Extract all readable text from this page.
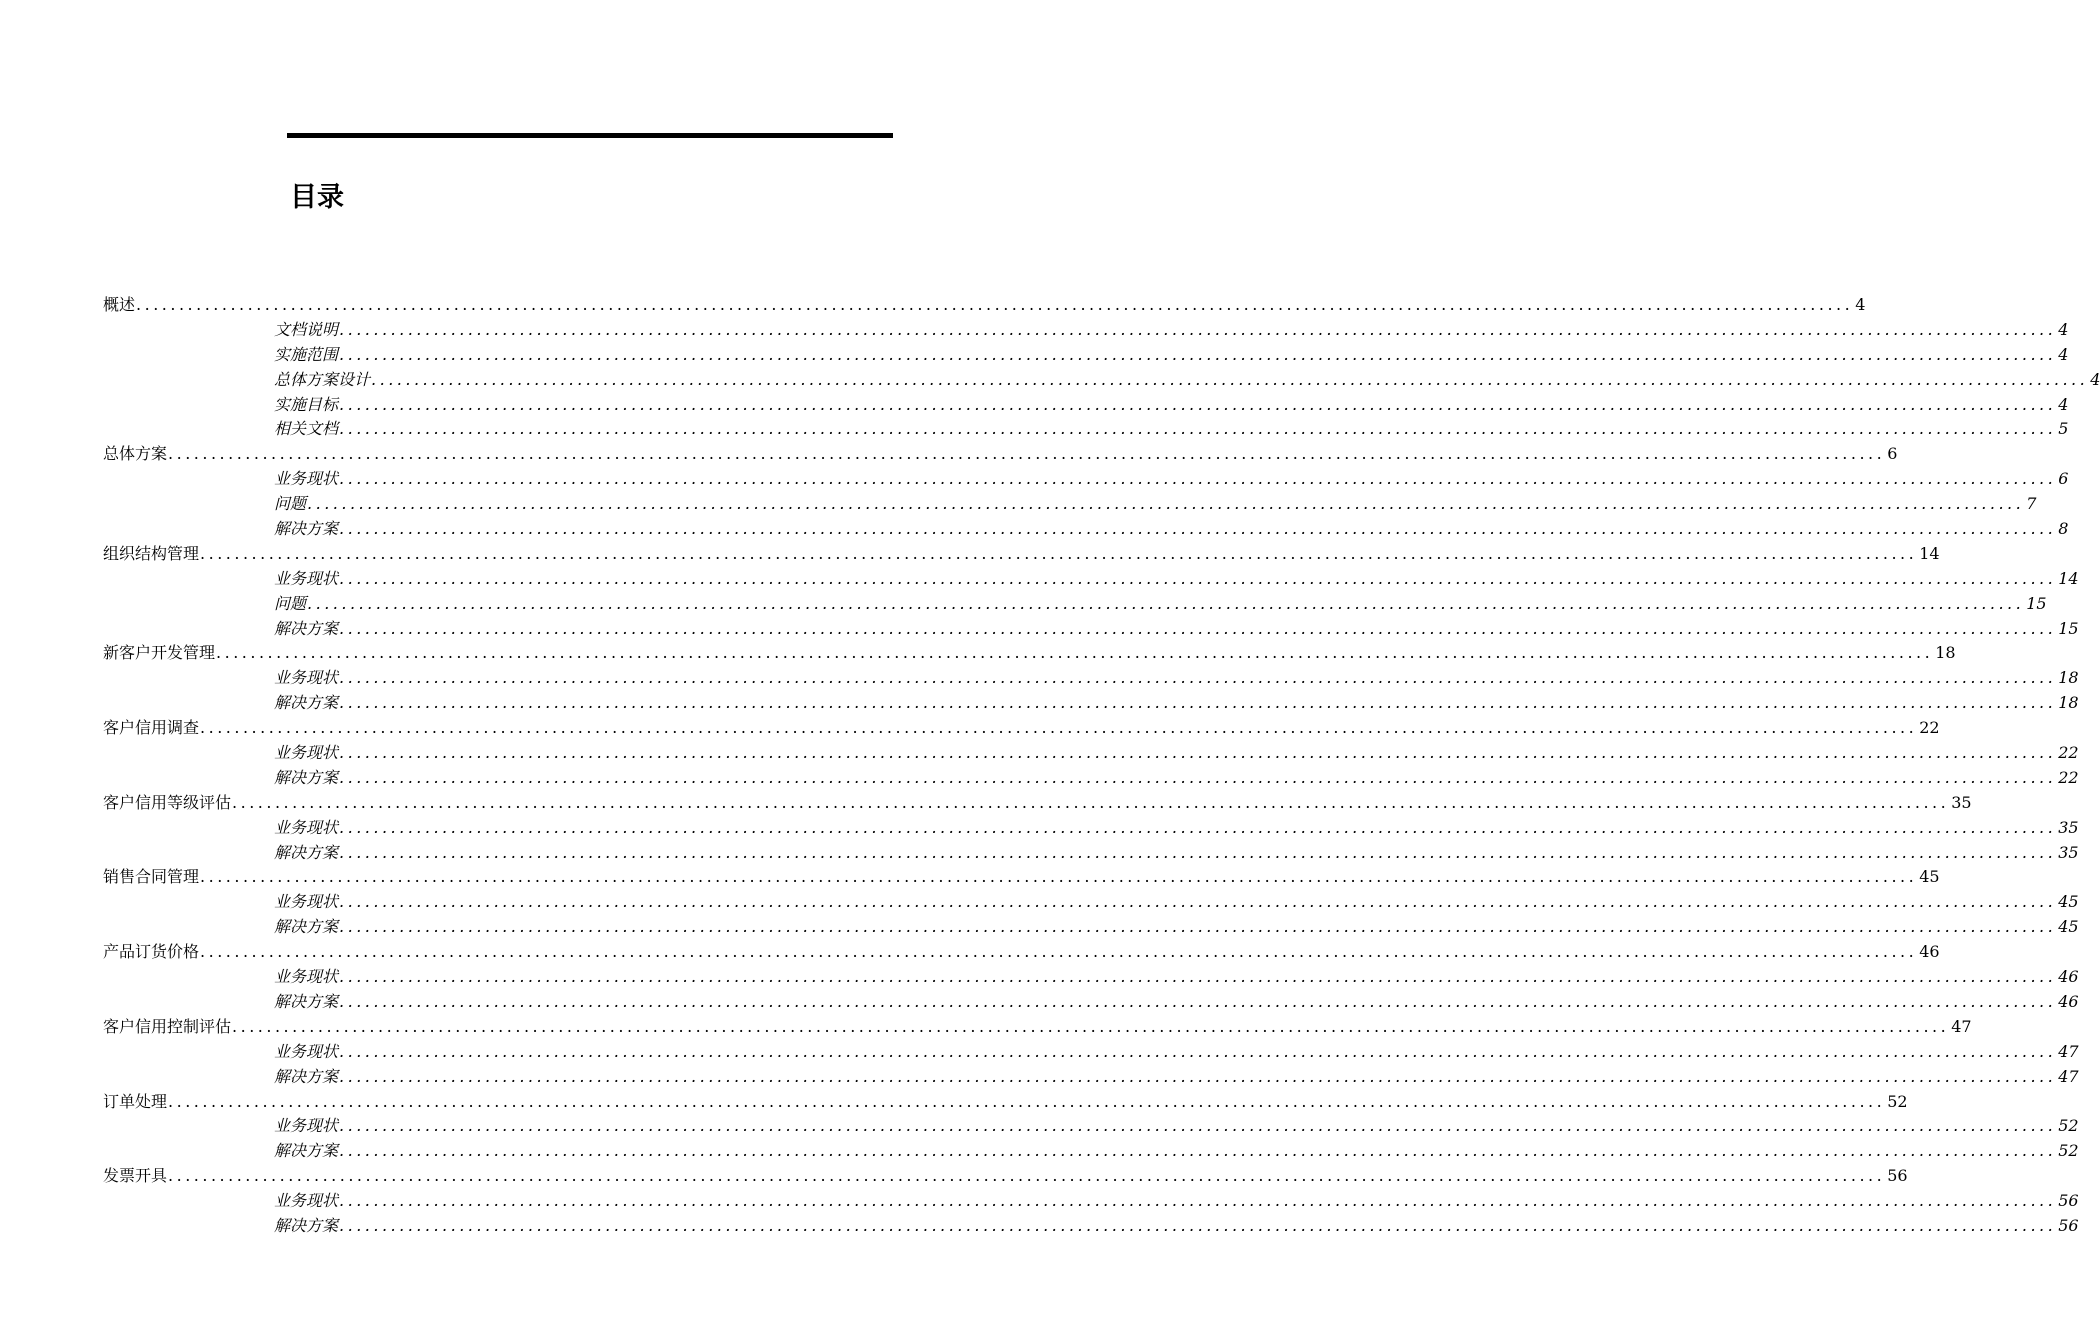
目录
概述 ........................................................................................................................................................................................................ 4
文档说明 ........................................................................................................................................................................................................ 4
实施范围 ........................................................................................................................................................................................................ 4
总体方案设计 ........................................................................................................................................................................................................ 4
实施目标 ........................................................................................................................................................................................................ 4
相关文档 ........................................................................................................................................................................................................ 5
总体方案 ........................................................................................................................................................................................................ 6
业务现状 ........................................................................................................................................................................................................ 6
问题 ........................................................................................................................................................................................................ 7
解决方案 ........................................................................................................................................................................................................ 8
组织结构管理 ........................................................................................................................................................................................................ 14
业务现状 ........................................................................................................................................................................................................ 14
问题 ........................................................................................................................................................................................................ 15
解决方案 ........................................................................................................................................................................................................ 15
新客户开发管理 ........................................................................................................................................................................................................ 18
业务现状 ........................................................................................................................................................................................................ 18
解决方案 ........................................................................................................................................................................................................ 18
客户信用调查 ........................................................................................................................................................................................................ 22
业务现状 ........................................................................................................................................................................................................ 22
解决方案 ........................................................................................................................................................................................................ 22
客户信用等级评估 ........................................................................................................................................................................................................ 35
业务现状 ........................................................................................................................................................................................................ 35
解决方案 ........................................................................................................................................................................................................ 35
销售合同管理 ........................................................................................................................................................................................................ 45
业务现状 ........................................................................................................................................................................................................ 45
解决方案 ........................................................................................................................................................................................................ 45
产品订货价格 ........................................................................................................................................................................................................ 46
业务现状 ........................................................................................................................................................................................................ 46
解决方案 ........................................................................................................................................................................................................ 46
客户信用控制评估 ........................................................................................................................................................................................................ 47
业务现状 ........................................................................................................................................................................................................ 47
解决方案 ........................................................................................................................................................................................................ 47
订单处理 ........................................................................................................................................................................................................ 52
业务现状 ........................................................................................................................................................................................................ 52
解决方案 ........................................................................................................................................................................................................ 52
发票开具 ........................................................................................................................................................................................................ 56
业务现状 ........................................................................................................................................................................................................ 56
解决方案 ........................................................................................................................................................................................................ 56
